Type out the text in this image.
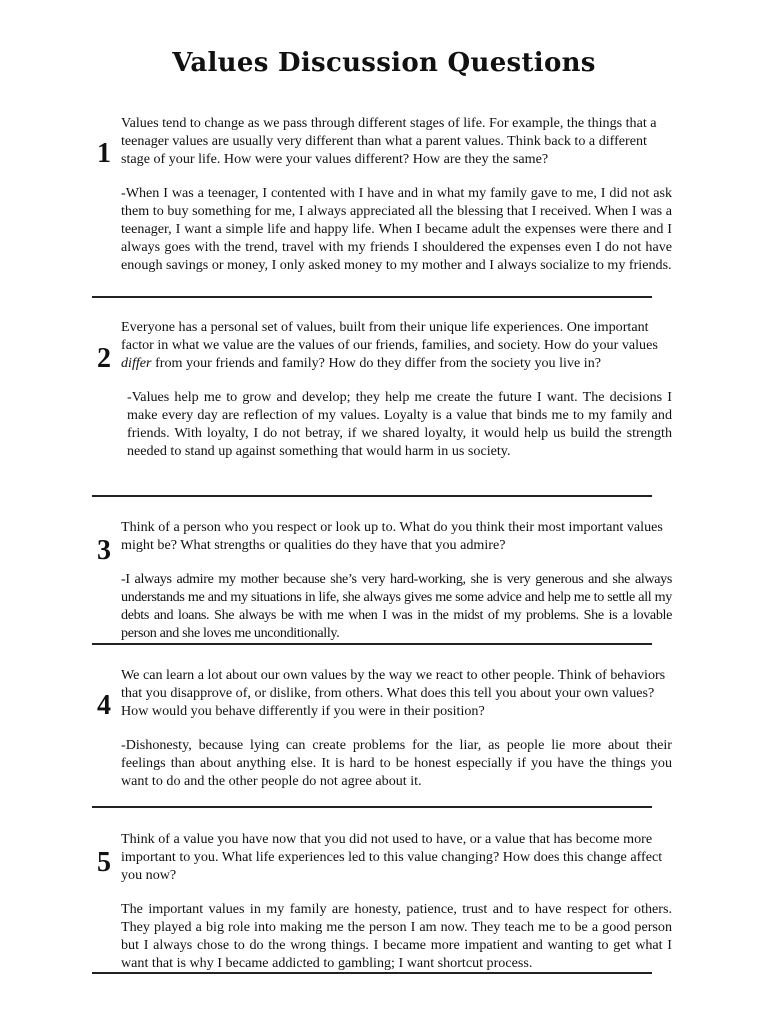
Values Discussion Questions
1
Values tend to change as we pass through different stages of life. For example, the things that a teenager values are usually very different than what a parent values. Think back to a different stage of your life. How were your values different? How are they the same?
-When I was a teenager, I contented with I have and in what my family gave to me, I did not ask them to buy something for me, I always appreciated all the blessing that I received. When I was a teenager, I want a simple life and happy life. When I became adult the expenses were there and I always goes with the trend, travel with my friends I shouldered the expenses even I do not have enough savings or money, I only asked money to my mother and I always socialize to my friends.
2
Everyone has a personal set of values, built from their unique life experiences. One important factor in what we value are the values of our friends, families, and society. How do your values differ from your friends and family? How do they differ from the society you live in?
-Values help me to grow and develop; they help me create the future I want. The decisions I make every day are reflection of my values. Loyalty is a value that binds me to my family and friends. With loyalty, I do not betray, if we shared loyalty, it would help us build the strength needed to stand up against something that would harm in us society.
3
Think of a person who you respect or look up to. What do you think their most important values might be? What strengths or qualities do they have that you admire?
-I always admire my mother because she’s very hard-working, she is very generous and she always understands me and my situations in life, she always gives me some advice and help me to settle all my debts and loans. She always be with me when I was in the midst of my problems. She is a lovable person and she loves me unconditionally.
4
We can learn a lot about our own values by the way we react to other people. Think of behaviors that you disapprove of, or dislike, from others. What does this tell you about your own values? How would you behave differently if you were in their position?
-Dishonesty, because lying can create problems for the liar, as people lie more about their feelings than about anything else. It is hard to be honest especially if you have the things you want to do and the other people do not agree about it.
5
Think of a value you have now that you did not used to have, or a value that has become more important to you. What life experiences led to this value changing? How does this change affect you now?
The important values in my family are honesty, patience, trust and to have respect for others. They played a big role into making me the person I am now. They teach me to be a good person but I always chose to do the wrong things. I became more impatient and wanting to get what I want that is why I became addicted to gambling; I want shortcut process.
